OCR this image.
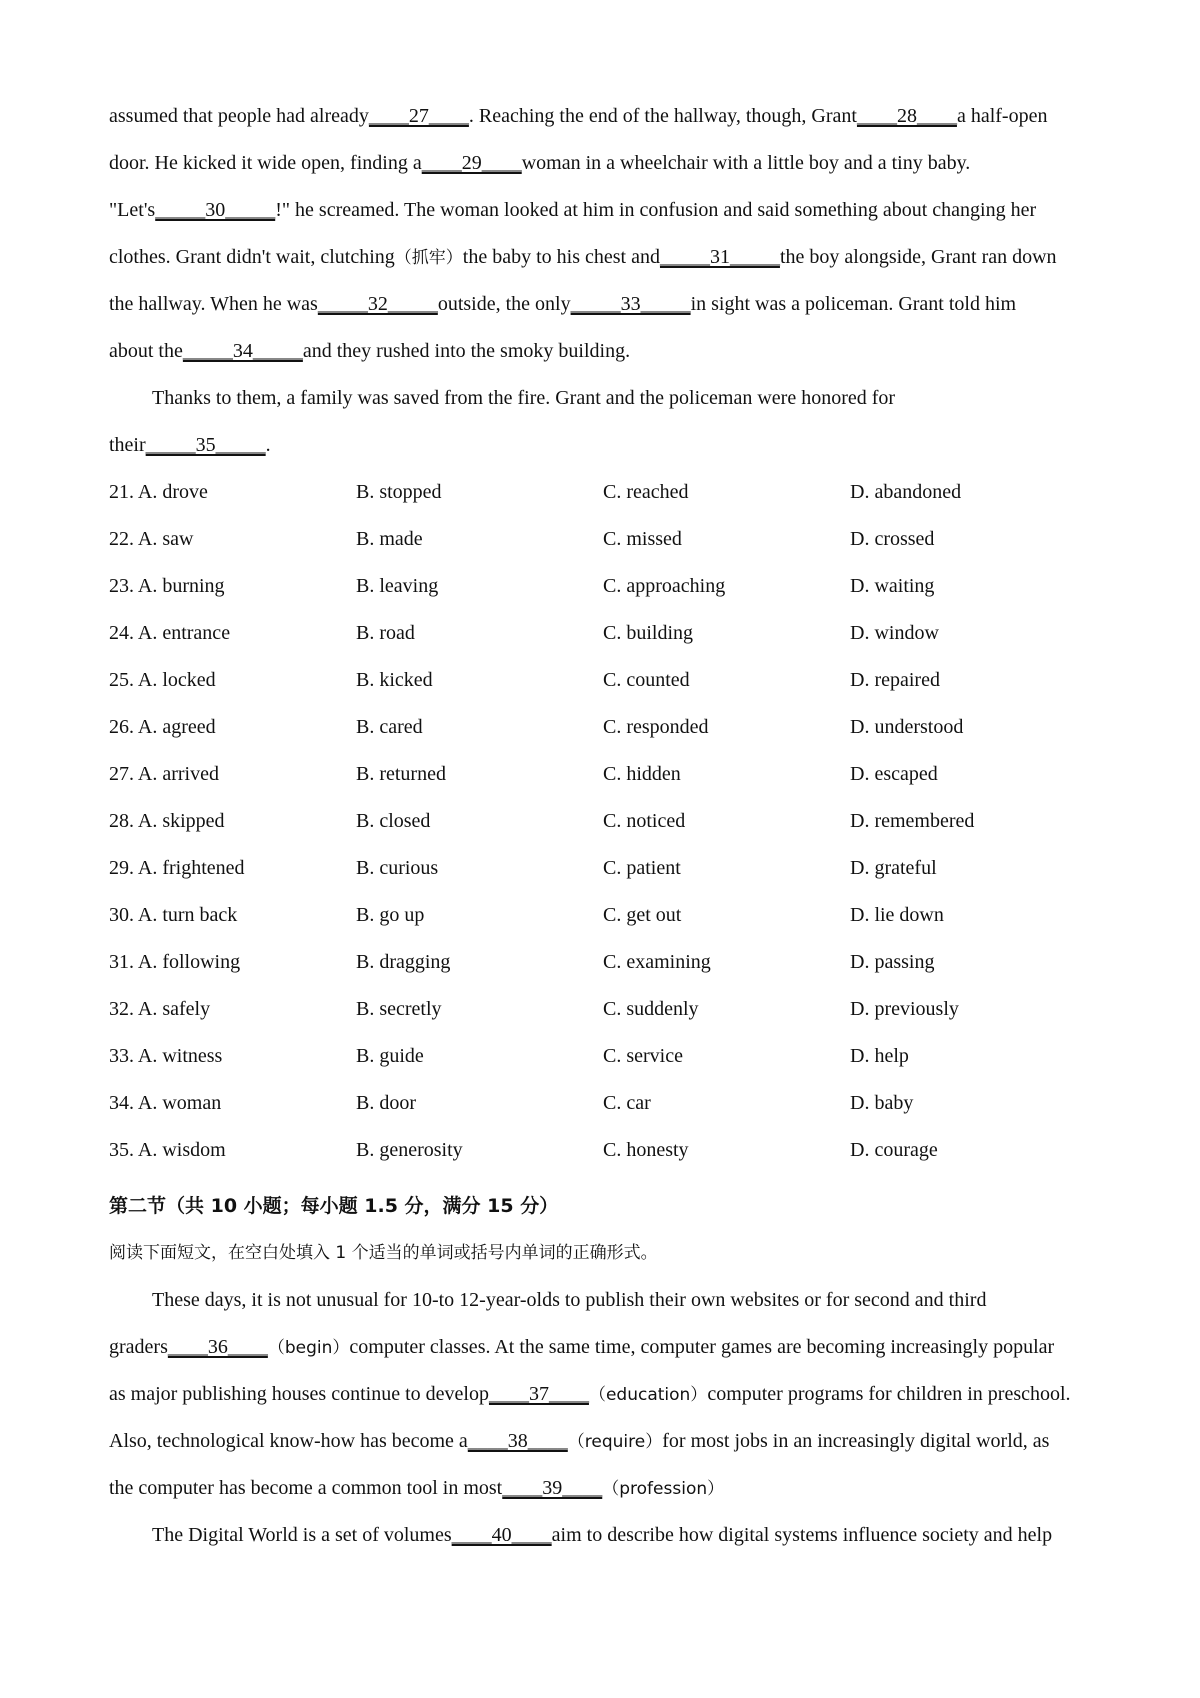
assumed that people had already____27____. Reaching the end of the hallway, though, Grant____28____a half-open
door. He kicked it wide open, finding a____29____woman in a wheelchair with a little boy and a tiny baby.
"Let's_____30_____!" he screamed. The woman looked at him in confusion and said something about changing her
clothes. Grant didn't wait, clutching（抓牢）the baby to his chest and_____31_____the boy alongside, Grant ran down
the hallway. When he was_____32_____outside, the only_____33_____in sight was a policeman. Grant told him
about the_____34_____and they rushed into the smoky building.
Thanks to them, a family was saved from the fire. Grant and the policeman were honored for
their_____35_____.
21. A. drove	B. stopped	C. reached	D. abandoned
22. A. saw	B. made	C. missed	D. crossed
23. A. burning	B. leaving	C. approaching	D. waiting
24. A. entrance	B. road	C. building	D. window
25. A. locked	B. kicked	C. counted	D. repaired
26. A. agreed	B. cared	C. responded	D. understood
27. A. arrived	B. returned	C. hidden	D. escaped
28. A. skipped	B. closed	C. noticed	D. remembered
29. A. frightened	B. curious	C. patient	D. grateful
30. A. turn back	B. go up	C. get out	D. lie down
31. A. following	B. dragging	C. examining	D. passing
32. A. safely	B. secretly	C. suddenly	D. previously
33. A. witness	B. guide	C. service	D. help
34. A. woman	B. door	C. car	D. baby
35. A. wisdom	B. generosity	C. honesty	D. courage
第二节（共 10 小题；每小题 1.5 分，满分 15 分）
阅读下面短文，在空白处填入 1 个适当的单词或括号内单词的正确形式。
These days, it is not unusual for 10-to 12-year-olds to publish their own websites or for second and third
graders____36____（begin）computer classes. At the same time, computer games are becoming increasingly popular
as major publishing houses continue to develop____37____（education）computer programs for children in preschool.
Also, technological know-how has become a____38____（require）for most jobs in an increasingly digital world, as
the computer has become a common tool in most____39____（profession）
The Digital World is a set of volumes____40____aim to describe how digital systems influence society and help
